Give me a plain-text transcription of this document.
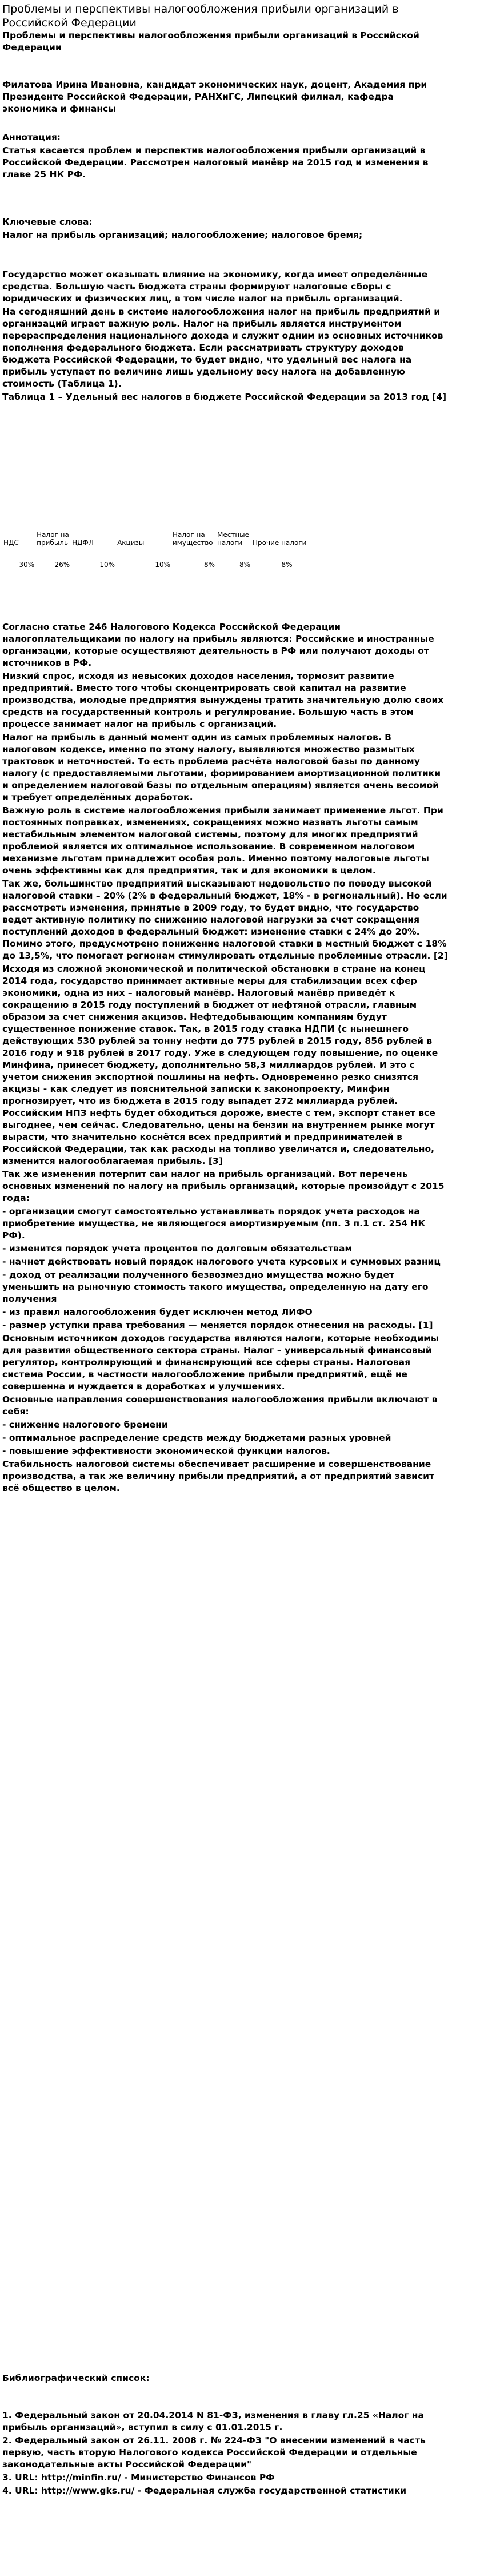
Проблемы и перспективы налогообложения прибыли организаций в Российской Федерации
Проблемы и перспективы налогообложения прибыли организаций в Российской Федерации

Филатова Ирина Ивановна, кандидат экономических наук, доцент, Академия при Президенте Российской Федерации, РАНХиГС, Липецкий филиал, кафедра экономика и финансы

Аннотация:

Статья касается проблем и перспектив налогообложения прибыли организаций в Российской Федерации. Рассмотрен налоговый манёвр на 2015 год и изменения в главе 25 НК РФ.

Ключевые слова:

Налог на прибыль организаций; налогообложение; налоговое бремя;

Государство может оказывать влияние на экономику, когда имеет определённые средства. Большую часть бюджета страны формируют налоговые сборы с юридических и физических лиц, в том числе налог на прибыль организаций.

На сегодняшний день в системе налогообложения налог на прибыль предприятий и организаций играет важную роль. Налог на прибыль является инструментом перераспределения национального дохода и служит одним из основных источников пополнения федерального бюджета. Если рассматривать структуру доходов бюджета Российской Федерации, то будет видно, что удельный вес налога на прибыль уступает по величине лишь удельному весу налога на добавленную стоимость (Таблица 1).

Таблица 1 – Удельный вес налогов в бюджете Российской Федерации за 2013 год [4]

НДС	Налог на прибыль	НДФЛ	Акцизы	Налог на имущество	Местные налоги	Прочие налоги
30%	26%	10%	10%	8%	8%	8%

Согласно статье 246 Налогового Кодекса Российской Федерации налогоплательщиками по налогу на прибыль являются: Российские и иностранные организации, которые осуществляют деятельность в РФ или получают доходы от источников в РФ.

Низкий спрос, исходя из невысоких доходов населения, тормозит развитие предприятий. Вместо того чтобы сконцентрировать свой капитал на развитие производства, молодые предприятия вынуждены тратить значительную долю своих средств на государственный контроль и регулирование. Большую часть в этом процессе занимает налог на прибыль с организаций.

Налог на прибыль в данный момент один из самых проблемных налогов. В налоговом кодексе, именно по этому налогу, выявляются множество размытых трактовок и неточностей. То есть проблема расчёта налоговой базы по данному налогу (с предоставляемыми льготами, формированием амортизационной политики и определением налоговой базы по отдельным операциям) является очень весомой и требует определённых доработок.

Важную роль в системе налогообложения прибыли занимает применение льгот. При постоянных поправках, изменениях, сокращениях можно назвать льготы самым нестабильным элементом налоговой системы, поэтому для многих предприятий проблемой является их оптимальное использование. В современном налоговом механизме льготам принадлежит особая роль. Именно поэтому налоговые льготы очень эффективны как для предприятия, так и для экономики в целом.

Так же, большинство предприятий высказывают недовольство по поводу высокой налоговой ставки – 20% (2% в федеральный бюджет, 18% - в региональный). Но если рассмотреть изменения, принятые в 2009 году, то будет видно, что государство ведет активную политику по снижению налоговой нагрузки за счет сокращения поступлений доходов в федеральный бюджет: изменение ставки с 24% до 20%. Помимо этого, предусмотрено понижение налоговой ставки в местный бюджет с 18% до 13,5%, что помогает регионам стимулировать отдельные проблемные отрасли. [2]

Исходя из сложной экономической и политической обстановки в стране на конец 2014 года, государство принимает активные меры для стабилизации всех сфер экономики, одна из них – налоговый манёвр. Налоговый манёвр приведёт к сокращению в 2015 году поступлений в бюджет от нефтяной отрасли, главным образом за счет снижения акцизов. Нефтедобывающим компаниям будут существенное понижение ставок. Так, в 2015 году ставка НДПИ (с нынешнего действующих 530 рублей за тонну нефти до 775 рублей в 2015 году, 856 рублей в 2016 году и 918 рублей в 2017 году. Уже в следующем году повышение, по оценке Минфина, принесет бюджету, дополнительно 58,3 миллиардов рублей. И это с учетом снижения экспортной пошлины на нефть. Одновременно резко снизятся акцизы - как следует из пояснительной записки к законопроекту, Минфин прогнозирует, что из бюджета в 2015 году выпадет 272 миллиарда рублей. Российским НПЗ нефть будет обходиться дороже, вместе с тем, экспорт станет все выгоднее, чем сейчас. Следовательно, цены на бензин на внутреннем рынке могут вырасти, что значительно коснётся всех предприятий и предпринимателей в Российской Федерации, так как расходы на топливо увеличатся и, следовательно, изменится налогооблагаемая прибыль. [3]

Так же изменения потерпит сам налог на прибыль организаций. Вот перечень основных изменений по налогу на прибыль организаций, которые произойдут с 2015 года:

- организации смогут самостоятельно устанавливать порядок учета расходов на приобретение имущества, не являющегося амортизируемым (пп. 3 п.1 ст. 254 НК РФ).

- изменится порядок учета процентов по долговым обязательствам

- начнет действовать новый порядок налогового учета курсовых и суммовых разниц

- доход от реализации полученного безвозмездно имущества можно будет уменьшить на рыночную стоимость такого имущества, определенную на дату его получения

- из правил налогообложения будет исключен метод ЛИФО

- размер уступки права требования — меняется порядок отнесения на расходы. [1]

Основным источником доходов государства являются налоги, которые необходимы для развития общественного сектора страны. Налог – универсальный финансовый регулятор, контролирующий и финансирующий все сферы страны. Налоговая система России, в частности налогообложение прибыли предприятий, ещё не совершенна и нуждается в доработках и улучшениях.

Основные направления совершенствования налогообложения прибыли включают в себя:

- снижение налогового бремени

- оптимальное распределение средств между бюджетами разных уровней

- повышение эффективности экономической функции налогов.

Стабильность налоговой системы обеспечивает расширение и совершенствование производства, а так же величину прибыли предприятий, а от предприятий зависит всё общество в целом.

Библиографический список:

1. Федеральный закон от 20.04.2014 N 81-ФЗ, изменения в главу гл.25 «Налог на прибыль организаций», вступил в силу с 01.01.2015 г.

2. Федеральный закон от 26.11. 2008 г. № 224-ФЗ "О внесении изменений в часть первую, часть вторую Налогового кодекса Российской Федерации и отдельные законодательные акты Российской Федерации"

3. URL: http://minfin.ru/ - Министерство Финансов РФ

4. URL: http://www.gks.ru/ - Федеральная служба государственной статистики
